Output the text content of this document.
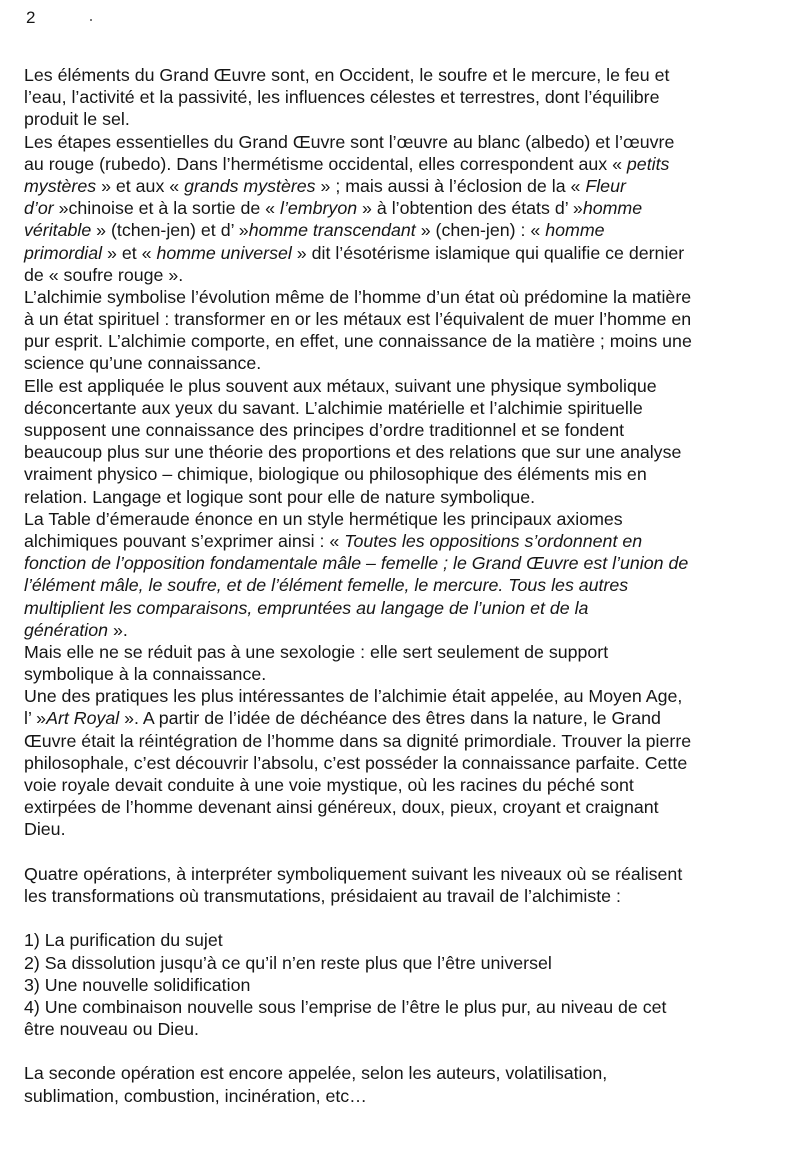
2
Les éléments du Grand Œuvre sont, en Occident, le soufre et le mercure, le feu et
l’eau, l’activité et la passivité, les influences célestes et terrestres, dont l’équilibre
produit le sel.
Les étapes essentielles du Grand Œuvre sont l’œuvre au blanc (albedo) et l’œuvre
au rouge (rubedo). Dans l’hermétisme occidental, elles correspondent aux « petits
mystères » et aux « grands mystères » ; mais aussi à l’éclosion de la « Fleur
d’or »chinoise et à la sortie de « l’embryon » à l’obtention des états d’ »homme
véritable » (tchen-jen) et d’ »homme transcendant » (chen-jen) : « homme
primordial » et « homme universel » dit l’ésotérisme islamique qui qualifie ce dernier
de « soufre rouge ».
L’alchimie symbolise l’évolution même de l’homme d’un état où prédomine la matière
à un état spirituel : transformer en or les métaux est l’équivalent de muer l’homme en
pur esprit. L’alchimie comporte, en effet, une connaissance de la matière ; moins une
science qu’une connaissance.
Elle est appliquée le plus souvent aux métaux, suivant une physique symbolique
déconcertante aux yeux du savant. L’alchimie matérielle et l’alchimie spirituelle
supposent une connaissance des principes d’ordre traditionnel et se fondent
beaucoup plus sur une théorie des proportions et des relations que sur une analyse
vraiment physico – chimique, biologique ou philosophique des éléments mis en
relation. Langage et logique sont pour elle de nature symbolique.
La Table d’émeraude énonce en un style hermétique les principaux axiomes
alchimiques pouvant s’exprimer ainsi : « Toutes les oppositions s’ordonnent en
fonction de l’opposition fondamentale mâle – femelle ; le Grand Œuvre est l’union de
l’élément mâle, le soufre, et de l’élément femelle, le mercure. Tous les autres
multiplient les comparaisons, empruntées au langage de l’union et de la
génération ».
Mais elle ne se réduit pas à une sexologie : elle sert seulement de support
symbolique à la connaissance.
Une des pratiques les plus intéressantes de l’alchimie était appelée, au Moyen Age,
l’ »Art Royal ». A partir de l’idée de déchéance des êtres dans la nature, le Grand
Œuvre était la réintégration de l’homme dans sa dignité primordiale. Trouver la pierre
philosophale, c’est découvrir l’absolu, c’est posséder la connaissance parfaite. Cette
voie royale devait conduite à une voie mystique, où les racines du péché sont
extirpées de l’homme devenant ainsi généreux, doux, pieux, croyant et craignant
Dieu.
Quatre opérations, à interpréter symboliquement suivant les niveaux où se réalisent
les transformations où transmutations, présidaient au travail de l’alchimiste :
1) La purification du sujet
2) Sa dissolution jusqu’à ce qu’il n’en reste plus que l’être universel
3) Une nouvelle solidification
4) Une combinaison nouvelle sous l’emprise de l’être le plus pur, au niveau de cet
être nouveau ou Dieu.
La seconde opération est encore appelée, selon les auteurs, volatilisation,
sublimation, combustion, incinération, etc…
